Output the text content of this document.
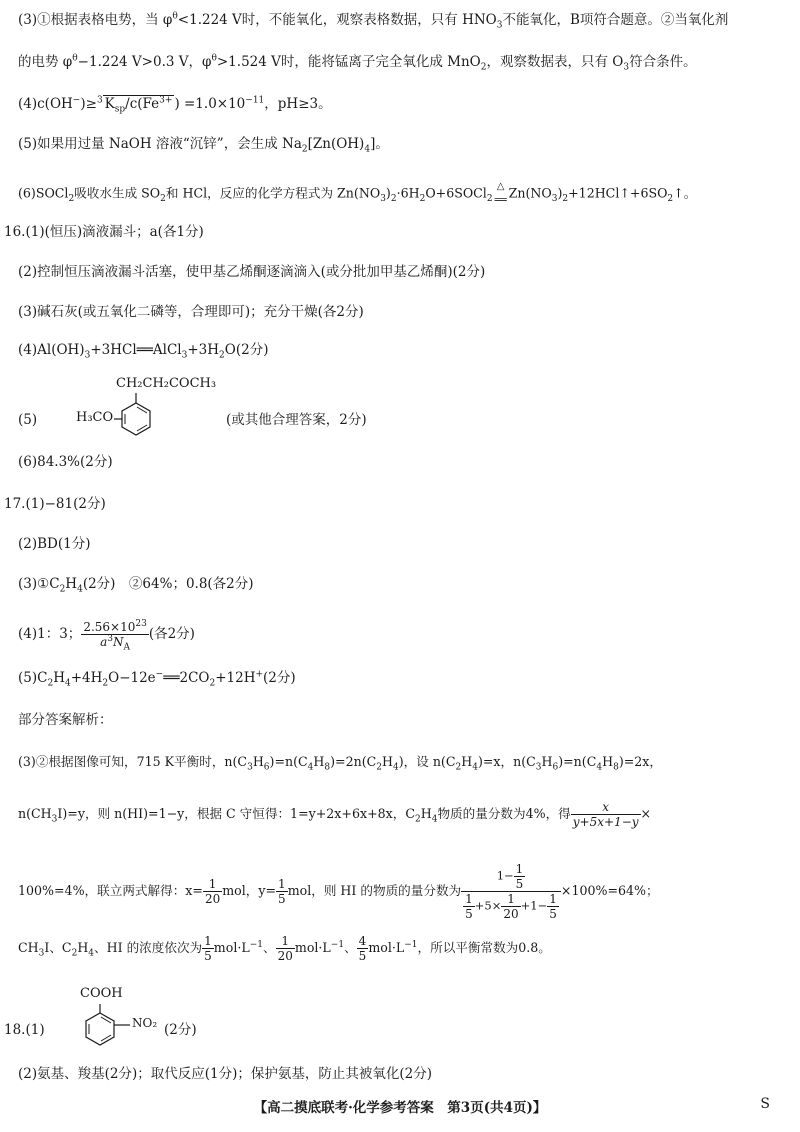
(3)①根据表格电势，当 $\varphi^\theta<1.224$ V时，不能氧化，观察表格数据，只有 $HNO_3$不能氧化，B项符合题意。②当氧化剂
的电势 $\varphi^\theta-1.224$ V>0.3 V，$\varphi^\theta>1.524$ V时，能将锰离子完全氧化成 MnO$_2$，观察数据表，只有 $O_3$符合条件。
(4)c(OH−)≥$^3$ $K_{sp}/c(Fe^{3+}$ ) $=1.0\times 10^{-11}$，pH≥3。
(5)如果用过量 NaOH 溶液“沉锌”，会生成 $Na_2[Zn(OH)_4]$。
(6)SOCl$_2$吸收水生成 $SO_2$和 HCl，反应的化学方程式为 $Zn(NO_3)_2\cdot 6H_2O+6SOCl_2$
△
══ $Zn(NO_3)_2+12HCl↑+6SO_2↑$。
16.(1)(恒压)滴液漏斗；a(各1分)
(2)控制恒压滴液漏斗活塞，使甲基乙烯酮逐滴滴入(或分批加甲基乙烯酮)(2分)
(3)碱石灰(或五氧化二磷等，合理即可)；充分干燥(各2分)
$(4)Al(OH)_3+3HCl══AlCl_3+3H_2O(2$分)
(5)
CH₂CH₂COCH₃
H₃CO	(或其他合理答案，2分)
(6)84.3%(2分)
17.(1)−81(2分)
(2)BD(1分)
$(3)①C_2H_4(2$分)　②64%；0.8(各2分)
(4)1：3； $\frac{2.56\times 10^{23}}{a^3N_A}$ (各2分)
$(5)C_2H_4+4H_2O-12e^-══2CO_2+12H^+(2$分)
部分答案解析：
(3)②根据图像可知，715 K平衡时，$n(C_3H_6)=n(C_4H_8)=2n(C_2H_4)$，设 $n(C_2H_4)=x$，$n(C_3H_6)=n(C_4H_8)=2x$，
$n(CH_3I)=y$，则 n(HI)=1−y，根据 C 守恒得：1=y+2x+6x+8x，$C_2H_4$物质的量分数为4%，得 $\frac{x}{y+5x+1-y}$ ×
100%=4%，联立两式解得：$x= \frac{1}{20}$ mol，$y= \frac{1}{5}$ mol，则 HI 的物质的量分数为 $\frac{1- \frac{1}{5}}{\frac{1}{5} +5\times \frac{1}{20} +1- \frac{1}{5}} \times 100\%=64\%$；
$CH_3I$、$C_2H_4$、HI 的浓度依次为 $\frac{1}{5} mol\cdot L^{-1}$、 $\frac{1}{20} mol\cdot L^{-1}$、 $\frac{4}{5} mol\cdot L^{-1}$，所以平衡常数为0.8。
18.(1)
COOH
NO₂ (2分)
(2)氨基、羧基(2分)；取代反应(1分)；保护氨基，防止其被氧化(2分)
【高二摸底联考·化学参考答案　第3页(共4页)】	S
